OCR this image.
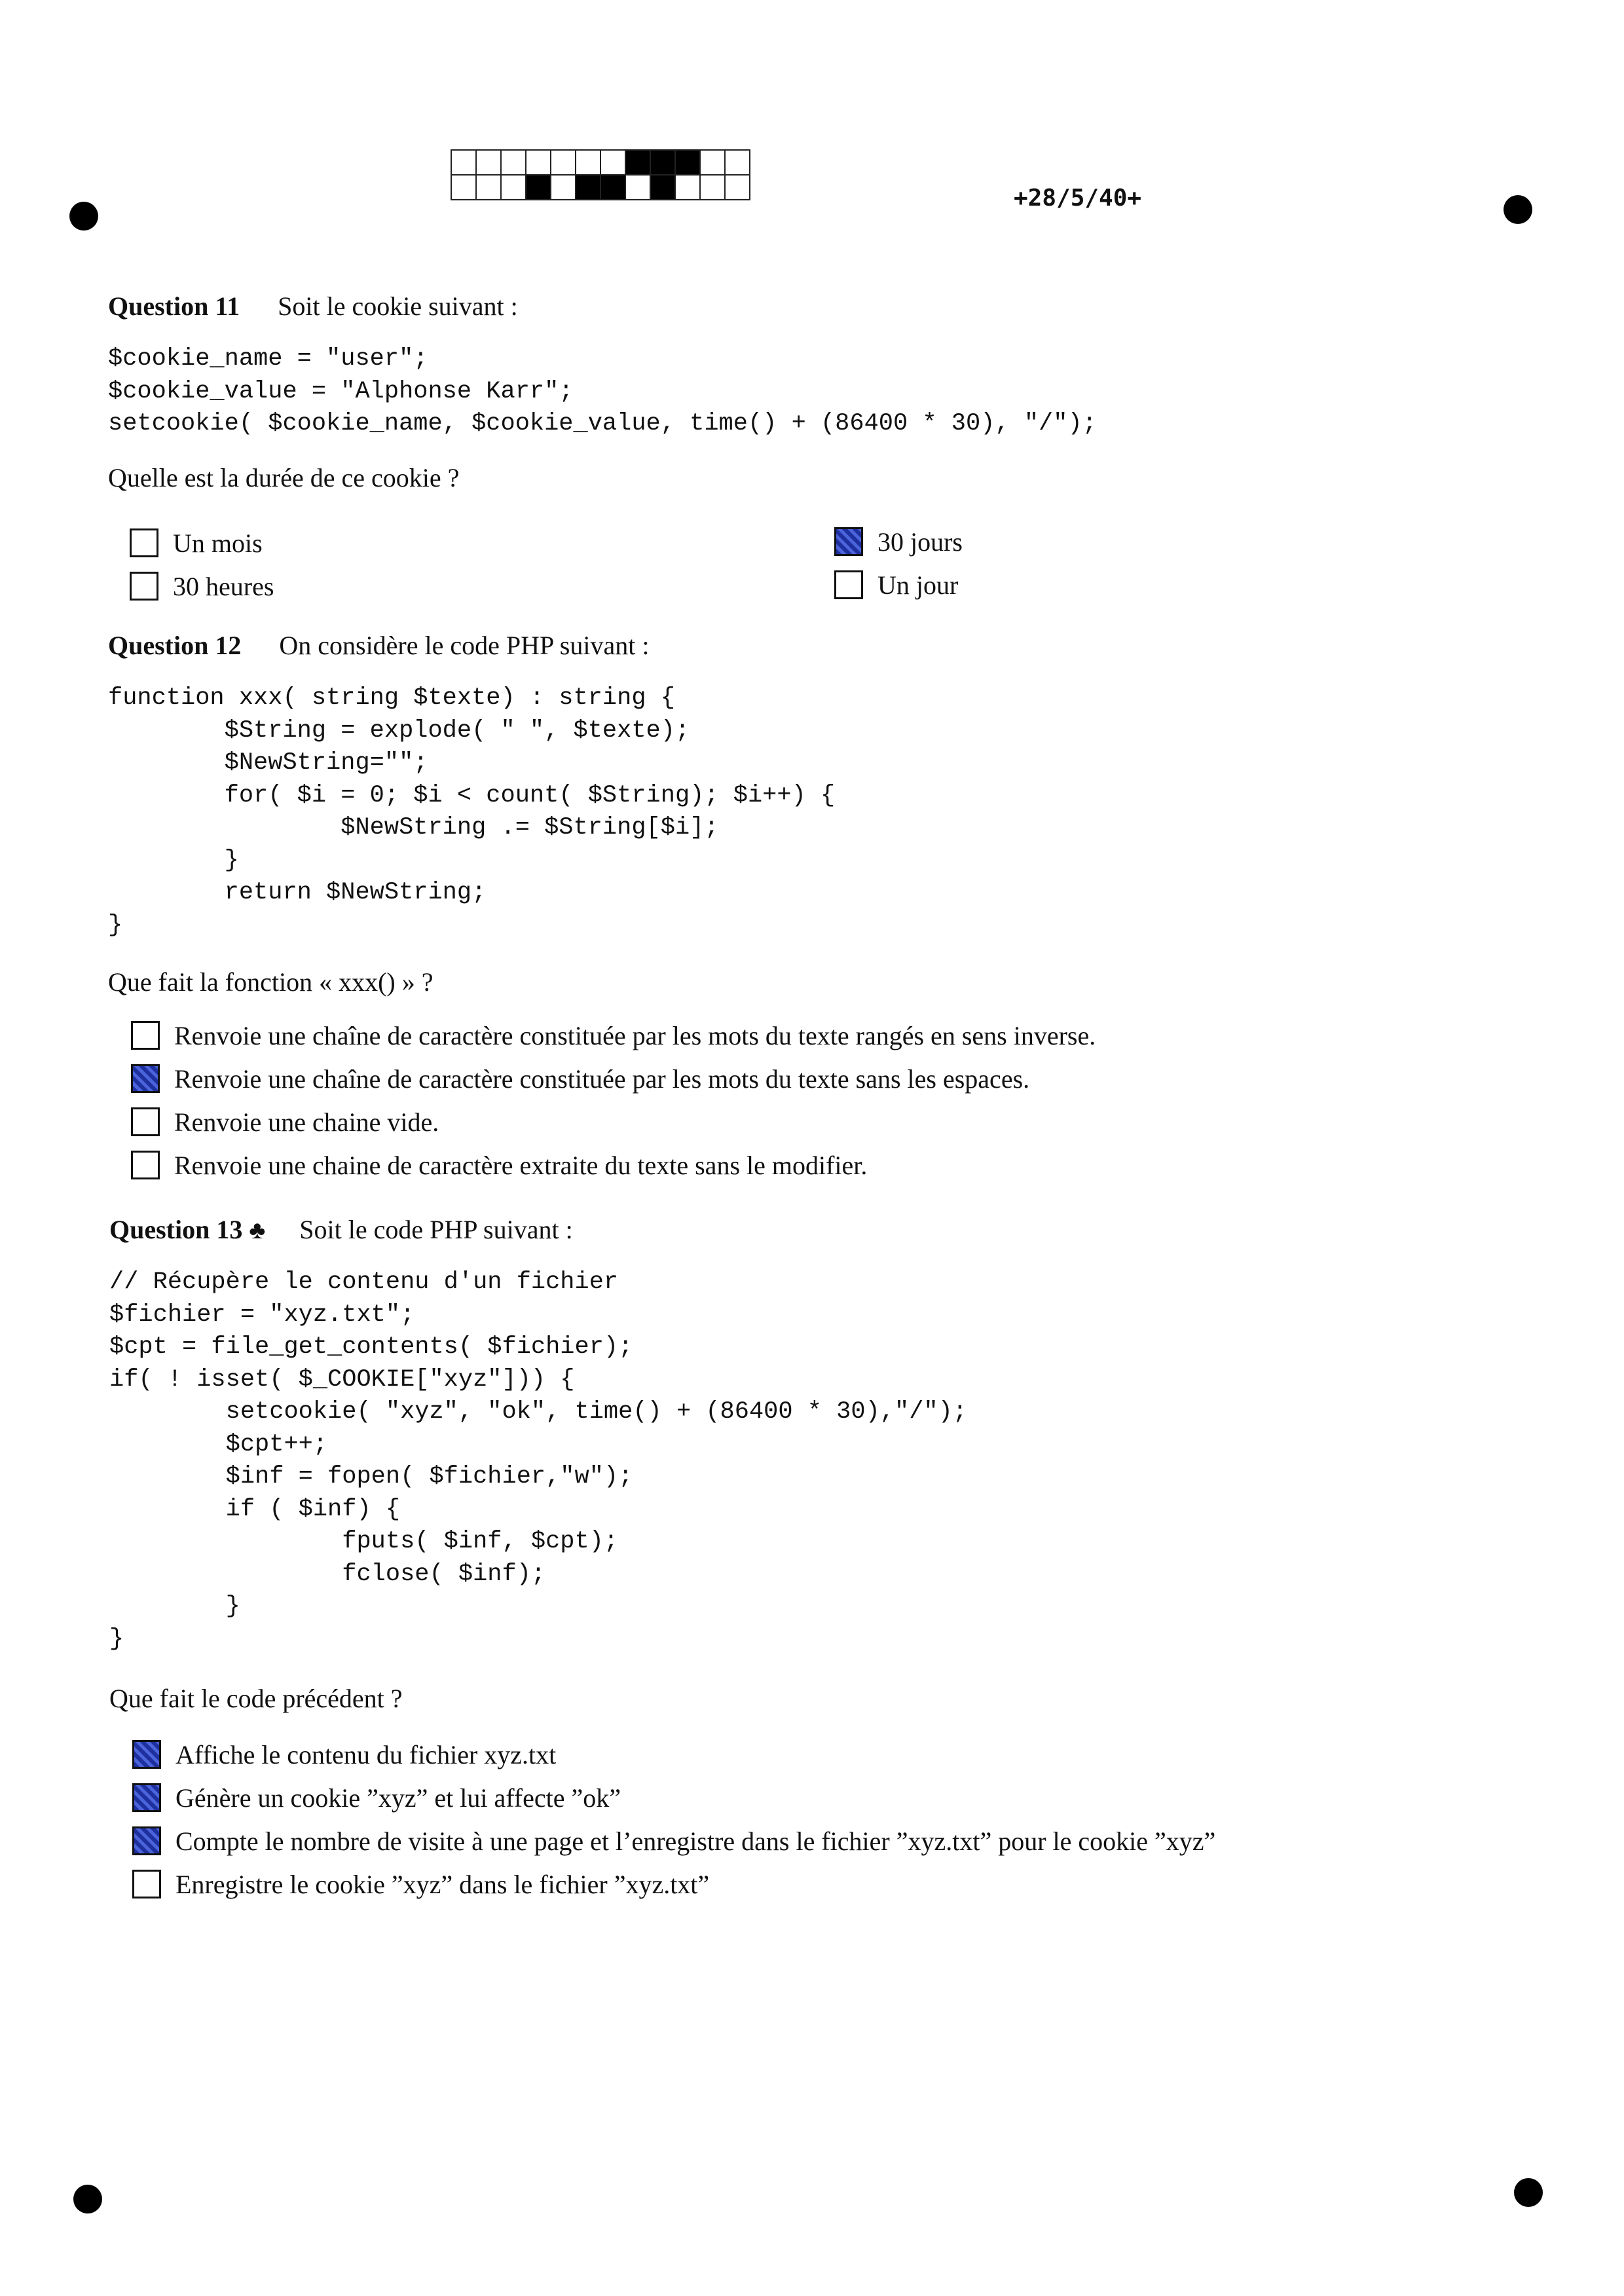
+28/5/40+
Question 11 Soit le cookie suivant :
$cookie_name = "user";
$cookie_value = "Alphonse Karr";
setcookie( $cookie_name, $cookie_value, time() + (86400 * 30), "/");
Quelle est la durée de ce cookie ?
Un mois
30 heures
30 jours
Un jour
Question 12 On considère le code PHP suivant :
function xxx( string $texte) : string {
$String = explode( " ", $texte);
$NewString="";
for( $i = 0; $i < count( $String); $i++) {
$NewString .= $String[$i];
}
return $NewString;
}
Que fait la fonction « xxx() » ?
Renvoie une chaîne de caractère constituée par les mots du texte rangés en sens inverse.
Renvoie une chaîne de caractère constituée par les mots du texte sans les espaces.
Renvoie une chaine vide.
Renvoie une chaine de caractère extraite du texte sans le modifier.
Question 13 ♣ Soit le code PHP suivant :
// Récupère le contenu d'un fichier
$fichier = "xyz.txt";
$cpt = file_get_contents( $fichier);
if( ! isset( $_COOKIE["xyz"])) {
setcookie( "xyz", "ok", time() + (86400 * 30),"/");
$cpt++;
$inf = fopen( $fichier,"w");
if ( $inf) {
fputs( $inf, $cpt);
fclose( $inf);
}
}
Que fait le code précédent ?
Affiche le contenu du fichier xyz.txt
Génère un cookie ”xyz” et lui affecte ”ok”
Compte le nombre de visite à une page et l’enregistre dans le fichier ”xyz.txt” pour le cookie ”xyz”
Enregistre le cookie ”xyz” dans le fichier ”xyz.txt”
